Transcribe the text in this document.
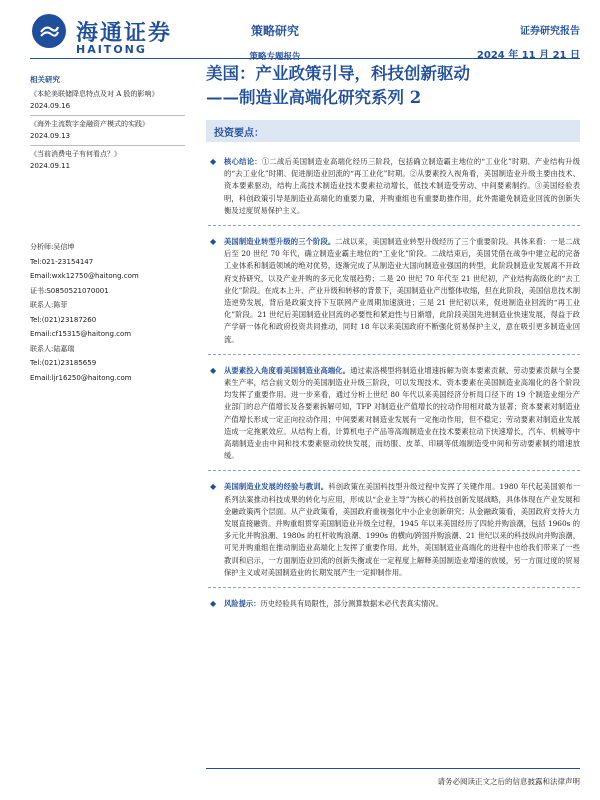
海通证券
HAITONG
策略研究
策略专题报告
证券研究报告
2024 年 11 月 21 日
相关研究
《本轮美联储降息特点及对 A 股的影响》
2024.09.16
《海外主流数字金融资产模式的实践》
2024.09.13
《当前消费电子有何看点？》
2024.09.11
分析师:吴信坤
Tel:021-23154147
Email:wxk12750@haitong.com
证书:S0850521070001
联系人:陈菲
Tel:(021)23187260
Email:cf15315@haitong.com
联系人:陆嘉瑞
Tel:(021)23185659
Email:ljr16250@haitong.com
美国：产业政策引导，科技创新驱动
——制造业高端化研究系列 2
投资要点：
◆ 核心结论：①二战后美国制造业高端化经历三阶段，包括确立制造霸主地位的“工业化”时期、产业结构升级的“去工业化”时期、促进制造业回流的“再工业化”时期。②从要素投入视角看，美国制造业升级主要由技术、资本要素驱动，结构上高技术制造业技术要素拉动增长，低技术制造受劳动、中间要素制约。③美国经验表明，科创政策引导是制造业高端化的重要力量，并购重组也有重要助推作用，此外需避免制造业回流的创新失衡及过度贸易保护主义。
◆ 美国制造业转型升级的三个阶段。二战以来，美国制造业转型升级经历了三个重要阶段。具体来看：一是二战后至 20 世纪 70 年代，确立制造业霸主地位的“工业化”阶段。二战结束后，美国凭借在战争中建立起的完备工业体系和制造领域的绝对优势，逐渐完成了从制造业大国向制造业强国的转型，此阶段制造业发展离不开政府支持研究，以及产业并购的多元化发展趋势；二是 20 世纪 70 年代至 21 世纪初，产业结构高级化的“去工业化”阶段。在成本上升、产业升级和转移的背景下，美国制造业产出整体收缩，但在此阶段，美国信息技术制造逆势发展，背后是政策支持下互联网产业周期加速演进；三是 21 世纪初以来，促进制造业回流的“再工业化”阶段。21 世纪后美国制造业回流的必要性和紧迫性与日渐增，此阶段美国先进制造业快速发展，得益于政产学研一体化和政府投资共同推动，同时 18 年以来美国政府不断强化贸易保护主义，意在吸引更多制造业回流。
◆ 从要素投入角度看美国制造业高端化。通过索洛模型将制造业增速拆解为资本要素贡献、劳动要素贡献与全要素生产率，结合前文划分的美国制造业升级三阶段，可以发现技术、资本要素在美国制造业高端化的各个阶段均发挥了重要作用。进一步来看，通过分析上世纪 80 年代以来美国经济分析局口径下的 19 个制造业细分产业部门的总产值增长及各要素拆解可知，TFP 对制造业产值增长的拉动作用相对最为显著；资本要素对制造业产值增长形成一定正向拉动作用；中间要素对制造业发展有一定拖动作用，但不稳定；劳动要素对制造业发展造成一定拖累效应。从结构上看，计算机电子产品等高端制造业在技术要素拉动下快速增长，汽车、机械等中高端制造业由中间和技术要素驱动较快发展，而纺服、皮革、印刷等低端制造受中间和劳动要素制约增速放缓。
◆ 美国制造业发展的经验与教训。科创政策在美国科技型升级过程中发挥了关键作用。1980 年代起美国颁布一系列法案推动科技成果的转化与应用，形成以“企业主导”为核心的科技创新发展战略，具体体现在产业发展和金融政策两个层面。从产业政策看，美国政府重视强化中小企业创新研究；从金融政策看，美国政府支持大力发展直接融资。并购重组贯穿美国制造业升级全过程，1945 年以来美国经历了四轮并购浪潮，包括 1960s 的多元化并购浪潮、1980s 的杠杆收购浪潮、1990s 的横向/跨国并购浪潮、21 世纪以来的科技纵向并购浪潮，可见并购重组在推动制造业高端化上发挥了重要作用。此外，美国制造业高端化的进程中也给我们带来了一些教训和启示，一方面制造业回流的创新失衡或在一定程度上解释美国制造业增速的放缓，另一方面过度的贸易保护主义或对美国制造业的长期发展产生一定抑制作用。
◆ 风险提示：历史经验具有局限性，部分测算数据未必代表真实情况。
请务必阅读正文之后的信息披露和法律声明
